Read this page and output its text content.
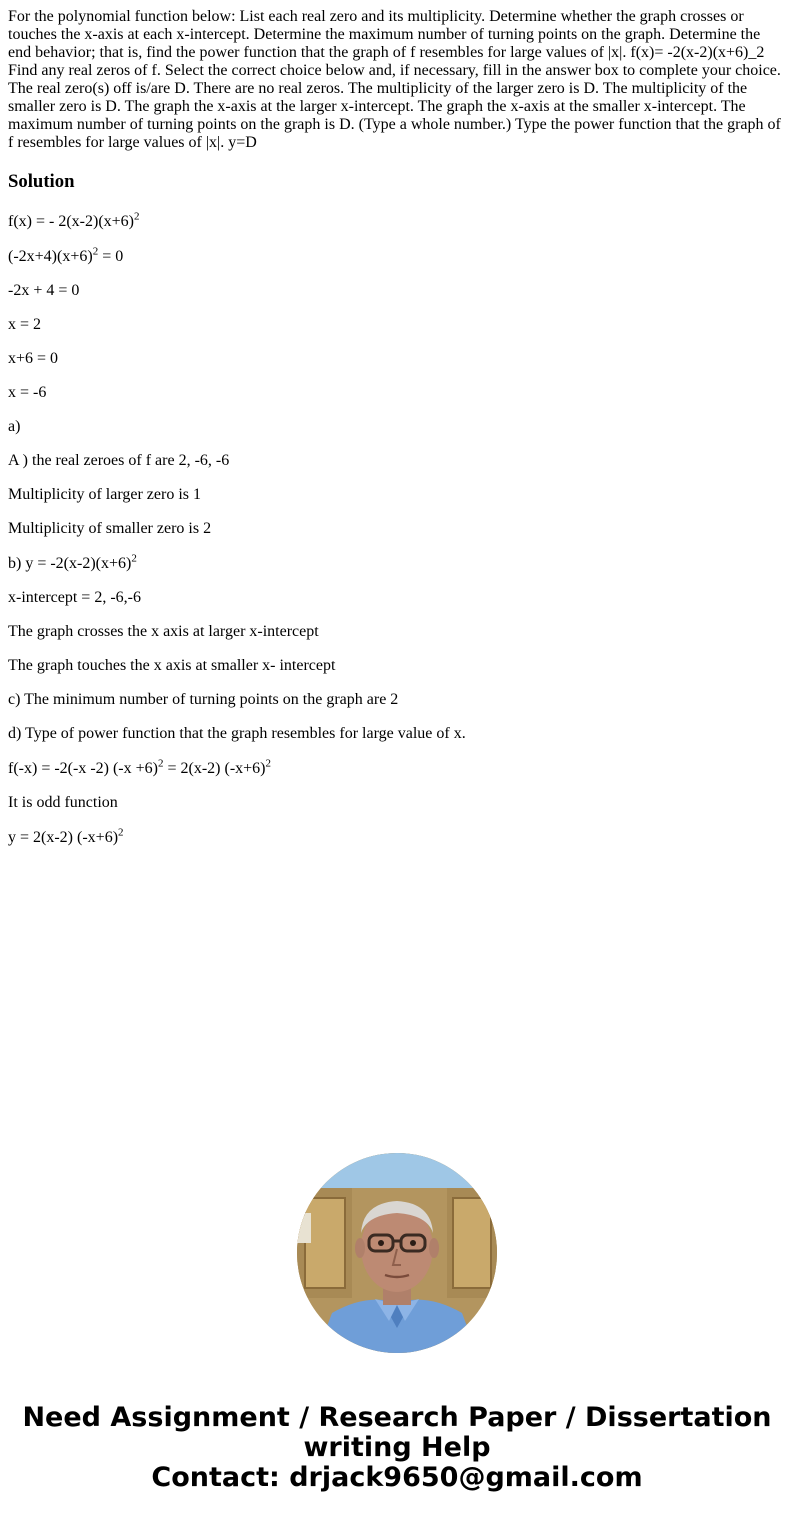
For the polynomial function below: List each real zero and its multiplicity. Determine whether the graph crosses or touches the x-axis at each x-intercept. Determine the maximum number of turning points on the graph. Determine the end behavior; that is, find the power function that the graph of f resembles for large values of |x|. f(x)= -2(x-2)(x+6)_2 Find any real zeros of f. Select the correct choice below and, if necessary, fill in the answer box to complete your choice. The real zero(s) off is/are D. There are no real zeros. The multiplicity of the larger zero is D. The multiplicity of the smaller zero is D. The graph the x-axis at the larger x-intercept. The graph the x-axis at the smaller x-intercept. The maximum number of turning points on the graph is D. (Type a whole number.) Type the power function that the graph of f resembles for large values of |x|. y=D

Solution

f(x) = - $2(x-2)(x+6)^2$

$(-2x+4)(x+6)^2 = 0$

-2x + 4 = 0

x = 2

x+6 = 0

x = -6

a)

A ) the real zeroes of f are 2, -6, -6

Multiplicity of larger zero is 1

Multiplicity of smaller zero is 2

b) $y = -2(x-2)(x+6)^2$

x-intercept = 2, -6,-6

The graph crosses the x axis at larger x-intercept

The graph touches the x axis at smaller x- intercept

c) The minimum number of turning points on the graph are 2

d) Type of power function that the graph resembles for large value of x.

f(-x) = -2(-x -2) $(-x +6)^2 = 2(x-2)$ $(-x+6)^2$

It is odd function

y = 2(x-2) $(-x+6)^2$

Need Assignment / Research Paper / Dissertation
writing Help
Contact: drjack9650@gmail.com
